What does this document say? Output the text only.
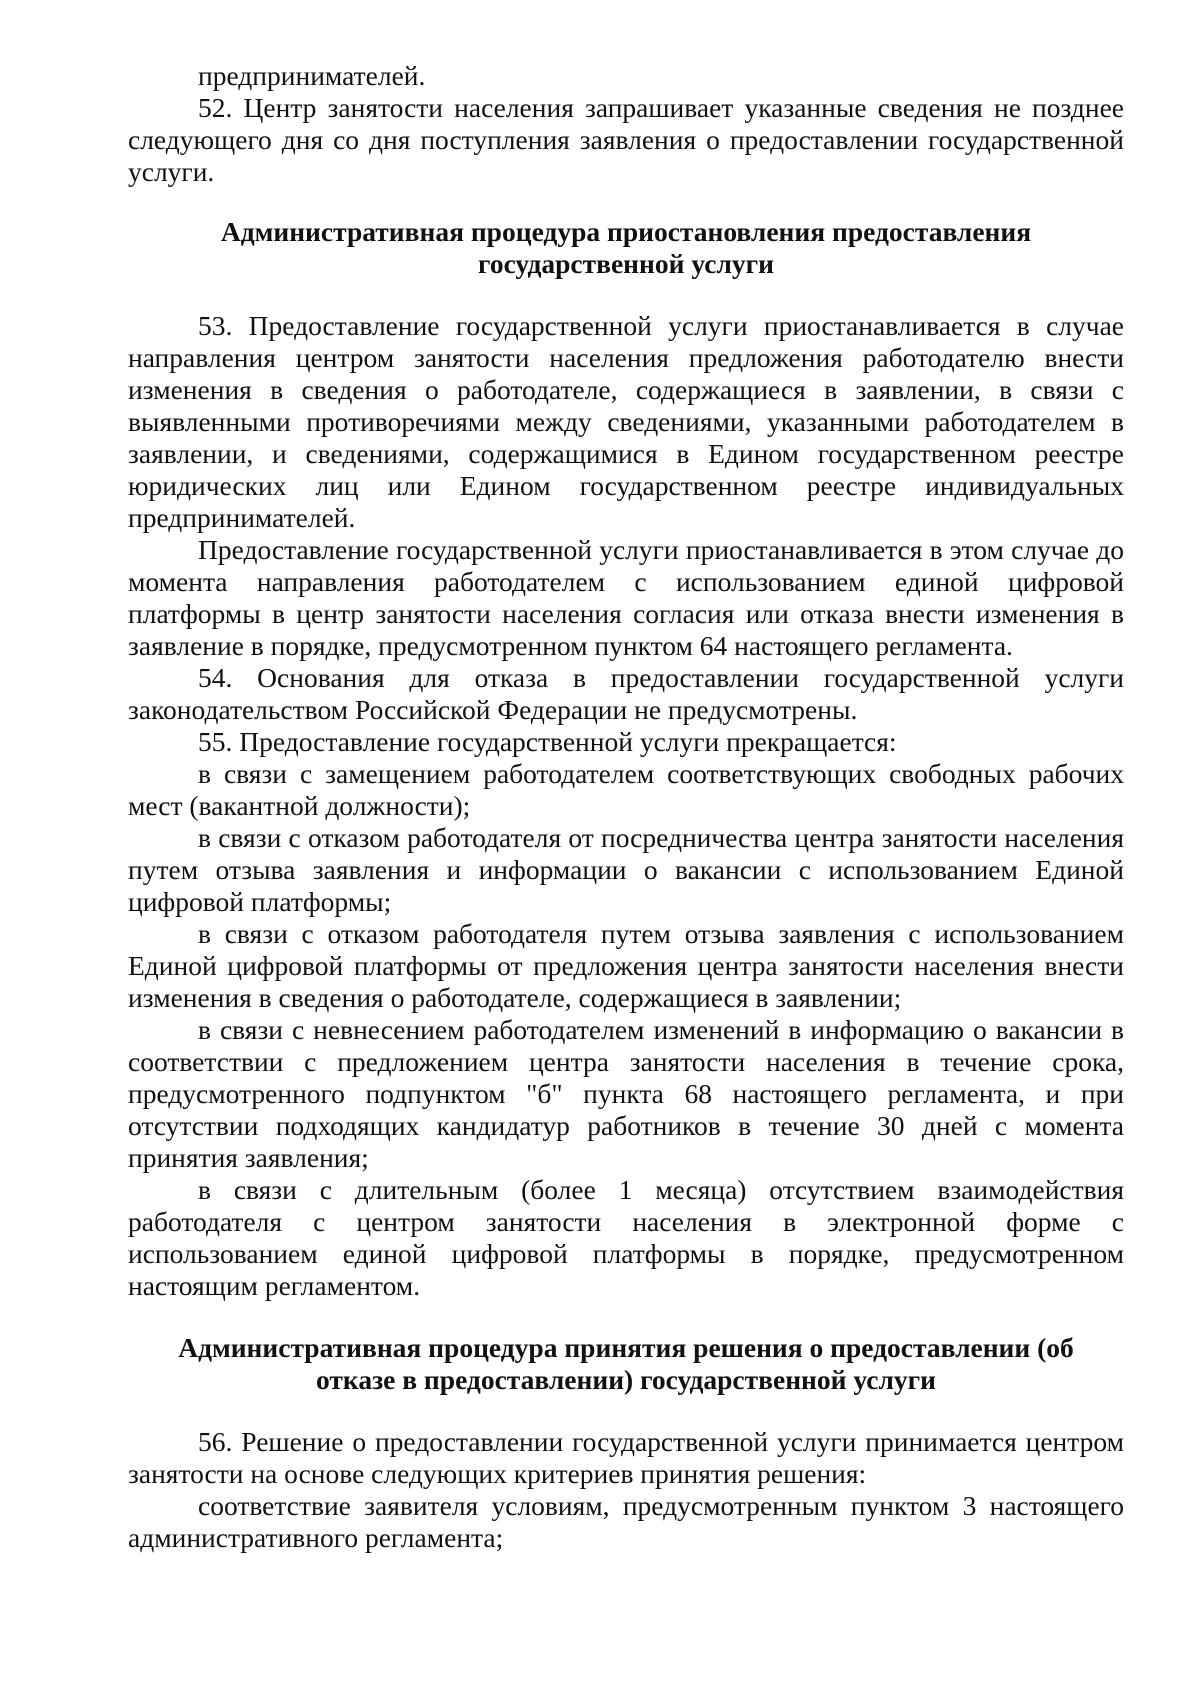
предпринимателей.

52. Центр занятости населения запрашивает указанные сведения не позднее следующего дня со дня поступления заявления о предоставлении государственной услуги.

Административная процедура приостановления предоставления государственной услуги

53. Предоставление государственной услуги приостанавливается в случае направления центром занятости населения предложения работодателю внести изменения в сведения о работодателе, содержащиеся в заявлении, в связи с выявленными противоречиями между сведениями, указанными работодателем в заявлении, и сведениями, содержащимися в Едином государственном реестре юридических лиц или Едином государственном реестре индивидуальных предпринимателей.

Предоставление государственной услуги приостанавливается в этом случае до момента направления работодателем с использованием единой цифровой платформы в центр занятости населения согласия или отказа внести изменения в заявление в порядке, предусмотренном пунктом 64 настоящего регламента.

54. Основания для отказа в предоставлении государственной услуги законодательством Российской Федерации не предусмотрены.

55. Предоставление государственной услуги прекращается:

в связи с замещением работодателем соответствующих свободных рабочих мест (вакантной должности);

в связи с отказом работодателя от посредничества центра занятости населения путем отзыва заявления и информации о вакансии с использованием Единой цифровой платформы;

в связи с отказом работодателя путем отзыва заявления с использованием Единой цифровой платформы от предложения центра занятости населения внести изменения в сведения о работодателе, содержащиеся в заявлении;

в связи с невнесением работодателем изменений в информацию о вакансии в соответствии с предложением центра занятости населения в течение срока, предусмотренного подпунктом "б" пункта 68 настоящего регламента, и при отсутствии подходящих кандидатур работников в течение 30 дней с момента принятия заявления;

в связи с длительным (более 1 месяца) отсутствием взаимодействия работодателя с центром занятости населения в электронной форме с использованием единой цифровой платформы в порядке, предусмотренном настоящим регламентом.

Административная процедура принятия решения о предоставлении (об отказе в предоставлении) государственной услуги

56. Решение о предоставлении государственной услуги принимается центром занятости на основе следующих критериев принятия решения:

соответствие заявителя условиям, предусмотренным пунктом 3 настоящего административного регламента;
